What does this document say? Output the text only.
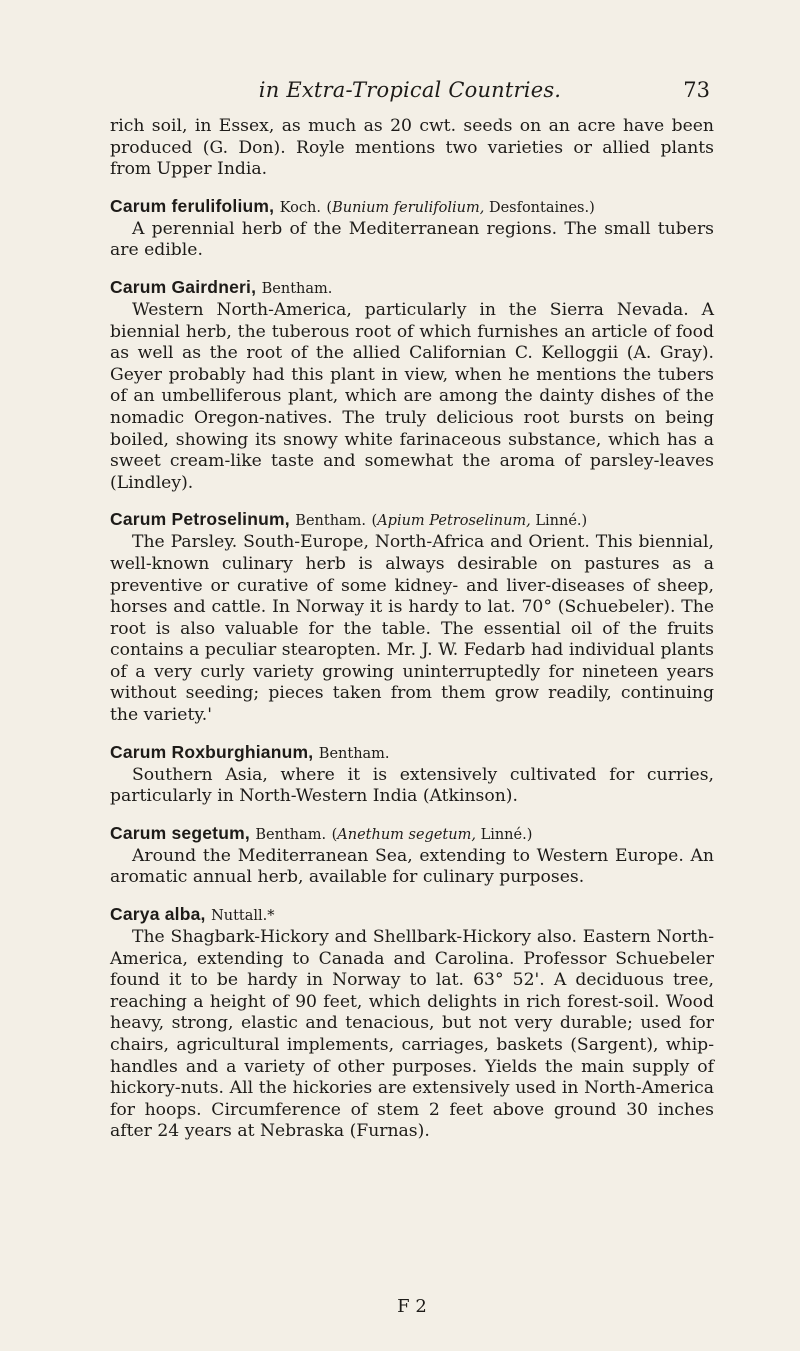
in Extra-Tropical Countries.	73

rich soil, in Essex, as much as 20 cwt. seeds on an acre have been produced (G. Don). Royle mentions two varieties or allied plants from Upper India.

Carum ferulifolium, Koch. (Bunium ferulifolium, Desfontaines.)

A perennial herb of the Mediterranean regions. The small tubers are edible.

Carum Gairdneri, Bentham.

Western North-America, particularly in the Sierra Nevada. A biennial herb, the tuberous root of which furnishes an article of food as well as the root of the allied Californian C. Kelloggii (A. Gray). Geyer probably had this plant in view, when he mentions the tubers of an umbelliferous plant, which are among the dainty dishes of the nomadic Oregon-natives. The truly delicious root bursts on being boiled, showing its snowy white farinaceous substance, which has a sweet cream-like taste and somewhat the aroma of parsley-leaves (Lindley).

Carum Petroselinum, Bentham. (Apium Petroselinum, Linné.)

The Parsley. South-Europe, North-Africa and Orient. This biennial, well-known culinary herb is always desirable on pastures as a preventive or curative of some kidney- and liver-diseases of sheep, horses and cattle. In Norway it is hardy to lat. 70° (Schuebeler). The root is also valuable for the table. The essential oil of the fruits contains a peculiar stearopten. Mr. J. W. Fedarb had individual plants of a very curly variety growing uninterruptedly for nineteen years without seeding; pieces taken from them grow readily, continuing the variety.'

Carum Roxburghianum, Bentham.

Southern Asia, where it is extensively cultivated for curries, particularly in North-Western India (Atkinson).

Carum segetum, Bentham. (Anethum segetum, Linné.)

Around the Mediterranean Sea, extending to Western Europe. An aromatic annual herb, available for culinary purposes.

Carya alba, Nuttall.*

The Shagbark-Hickory and Shellbark-Hickory also. Eastern North-America, extending to Canada and Carolina. Professor Schuebeler found it to be hardy in Norway to lat. 63° 52'. A deciduous tree, reaching a height of 90 feet, which delights in rich forest-soil. Wood heavy, strong, elastic and tenacious, but not very durable; used for chairs, agricultural implements, carriages, baskets (Sargent), whip-handles and a variety of other purposes. Yields the main supply of hickory-nuts. All the hickories are extensively used in North-America for hoops. Circumference of stem 2 feet above ground 30 inches after 24 years at Nebraska (Furnas).

F 2
